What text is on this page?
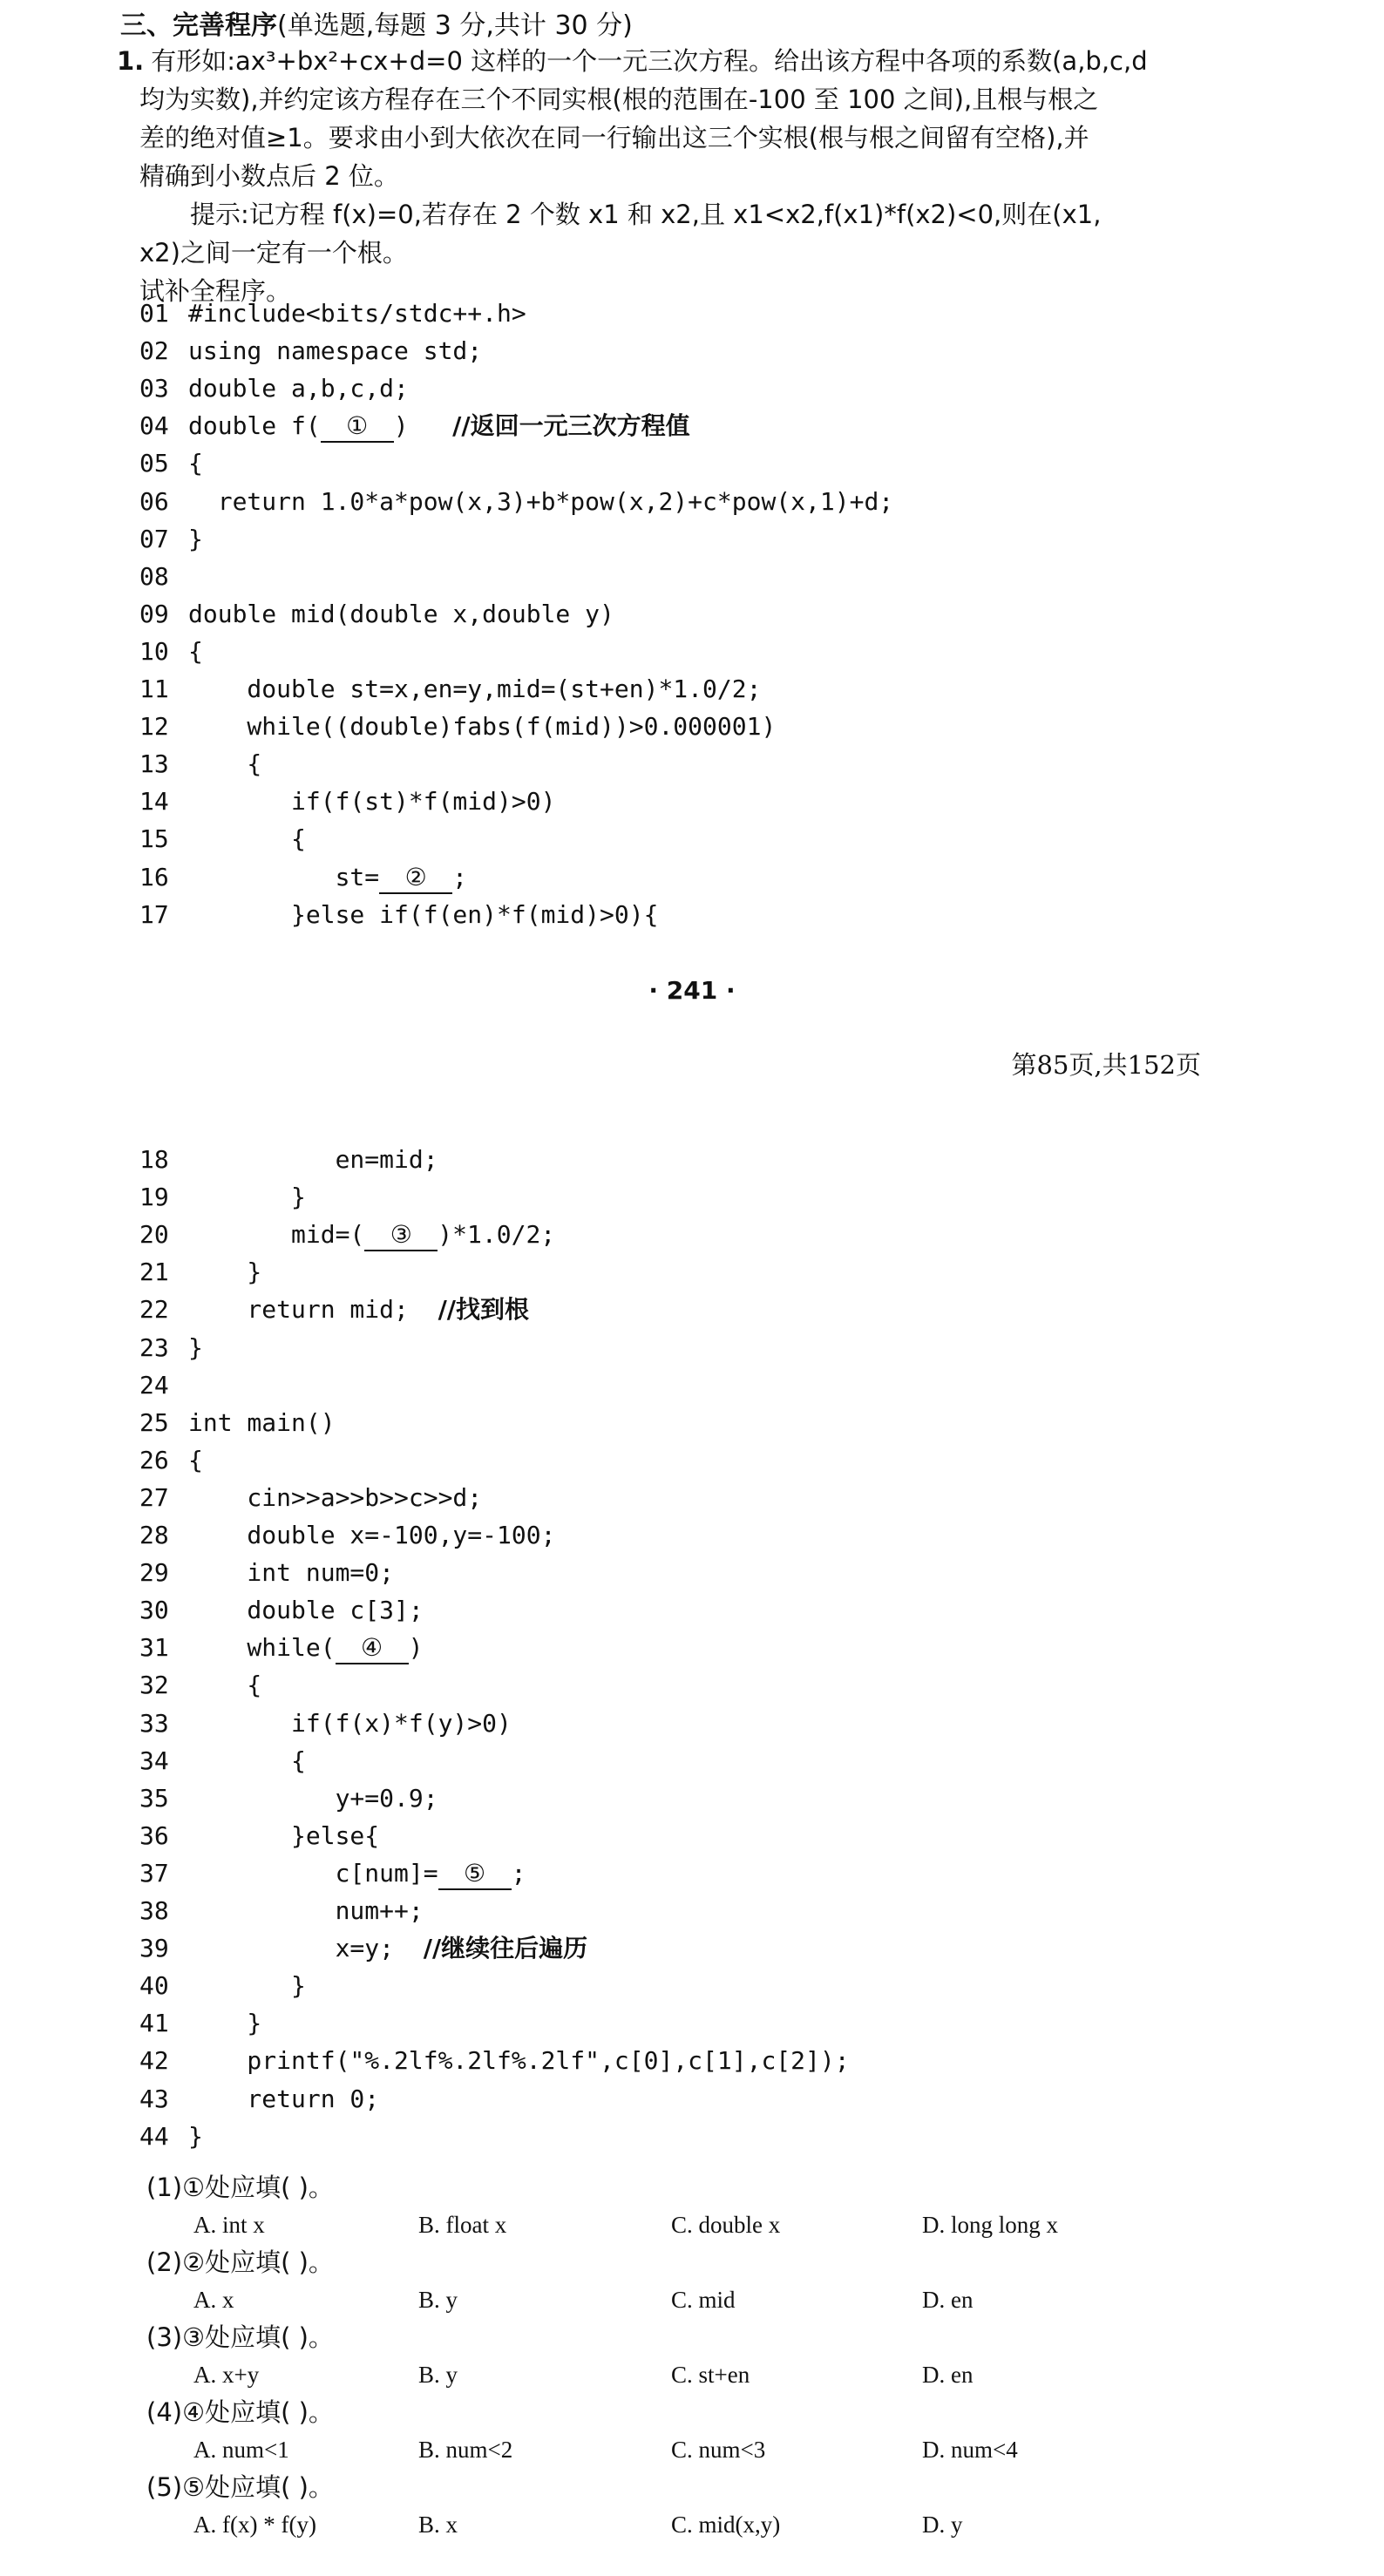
三、完善程序(单选题,每题 3 分,共计 30 分)
1. 有形如:ax³+bx²+cx+d=0 这样的一个一元三次方程。给出该方程中各项的系数(a,b,c,d
均为实数),并约定该方程存在三个不同实根(根的范围在-100 至 100 之间),且根与根之
差的绝对值≥1。要求由小到大依次在同一行输出这三个实根(根与根之间留有空格),并
精确到小数点后 2 位。
提示:记方程 f(x)=0,若存在 2 个数 x1 和 x2,且 x1<x2,f(x1)*f(x2)<0,则在(x1,
x2)之间一定有一个根。
试补全程序。
01 #include<bits/stdc++.h>
02 using namespace std;
03 double a,b,c,d;
04 double f( ① )   //返回一元三次方程值
05 {
06  return 1.0*a*pow(x,3)+b*pow(x,2)+c*pow(x,1)+d;
07 }
08
09 double mid(double x,double y)
10 {
11    double st=x,en=y,mid=(st+en)*1.0/2;
12    while((double)fabs(f(mid))>0.000001)
13    {
14       if(f(st)*f(mid)>0)
15       {
16          st= ② ;
17       }else if(f(en)*f(mid)>0){
· 241 ·
第85页,共152页
18          en=mid;
19       }
20       mid=( ③ )*1.0/2;
21    }
22    return mid;  //找到根
23 }
24
25 int main()
26 {
27    cin>>a>>b>>c>>d;
28    double x=-100,y=-100;
29    int num=0;
30    double c[3];
31    while( ④ )
32    {
33       if(f(x)*f(y)>0)
34       {
35          y+=0.9;
36       }else{
37          c[num]= ⑤ ;
38          num++;
39          x=y;  //继续往后遍历
40       }
41    }
42    printf("%.2lf%.2lf%.2lf",c[0],c[1],c[2]);
43    return 0;
44 }
(1)①处应填( )。
A. int x	B. float x	C. double x	D. long long x
(2)②处应填( )。
A. x	B. y	C. mid	D. en
(3)③处应填( )。
A. x+y	B. y	C. st+en	D. en
(4)④处应填( )。
A. num<1	B. num<2	C. num<3	D. num<4
(5)⑤处应填( )。
A. f(x) * f(y)	B. x	C. mid(x,y)	D. y
